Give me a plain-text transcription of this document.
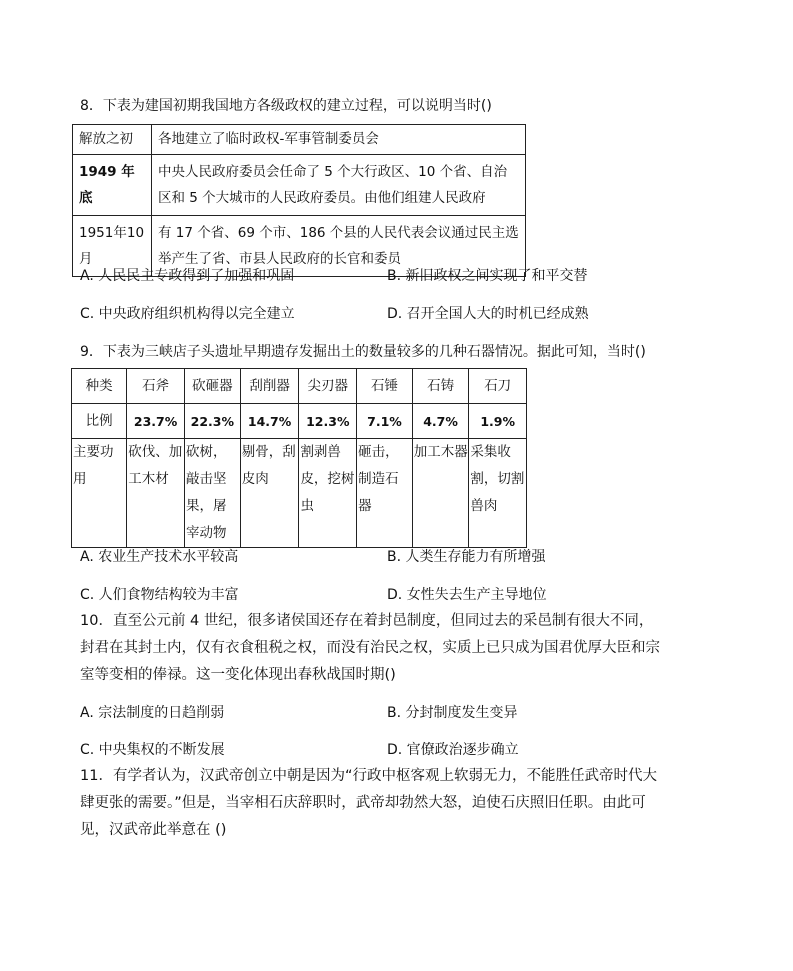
8．下表为建国初期我国地方各级政权的建立过程，可以说明当时()
解放之初	各地建立了临时政权-军事管制委员会
1949 年底	中央人民政府委员会任命了 5 个大行政区、10 个省、自治区和 5 个大城市的人民政府委员。由他们组建人民政府
1951年10月	有 17 个省、69 个市、186 个县的人民代表会议通过民主选举产生了省、市县人民政府的长官和委员
A. 人民民主专政得到了加强和巩固	B. 新旧政权之间实现了和平交替
C. 中央政府组织机构得以完全建立	D. 召开全国人大的时机已经成熟
9．下表为三峡店子头遗址早期遗存发掘出土的数量较多的几种石器情况。据此可知，当时()
种类	石斧	砍砸器	刮削器	尖刃器	石锤	石铸	石刀
比例	23.7%	22.3%	14.7%	12.3%	7.1%	4.7%	1.9%
主要功用	砍伐、加工木材	砍树，敲击坚果，屠宰动物	剔骨，刮皮肉	割剥兽皮，挖树虫	砸击，制造石器	加工木器	采集收割，切割兽肉
A. 农业生产技术水平较高	B. 人类生存能力有所增强
C. 人们食物结构较为丰富	D. 女性失去生产主导地位
10．直至公元前 4 世纪，很多诸侯国还存在着封邑制度，但同过去的采邑制有很大不同，封君在其封土内，仅有衣食租税之权，而没有治民之权，实质上已只成为国君优厚大臣和宗室等变相的俸禄。这一变化体现出春秋战国时期()
A. 宗法制度的日趋削弱	B. 分封制度发生变异
C. 中央集权的不断发展	D. 官僚政治逐步确立
11．有学者认为，汉武帝创立中朝是因为“行政中枢客观上软弱无力，不能胜任武帝时代大肆更张的需要。”但是，当宰相石庆辞职时，武帝却勃然大怒，迫使石庆照旧任职。由此可见，汉武帝此举意在 ()
